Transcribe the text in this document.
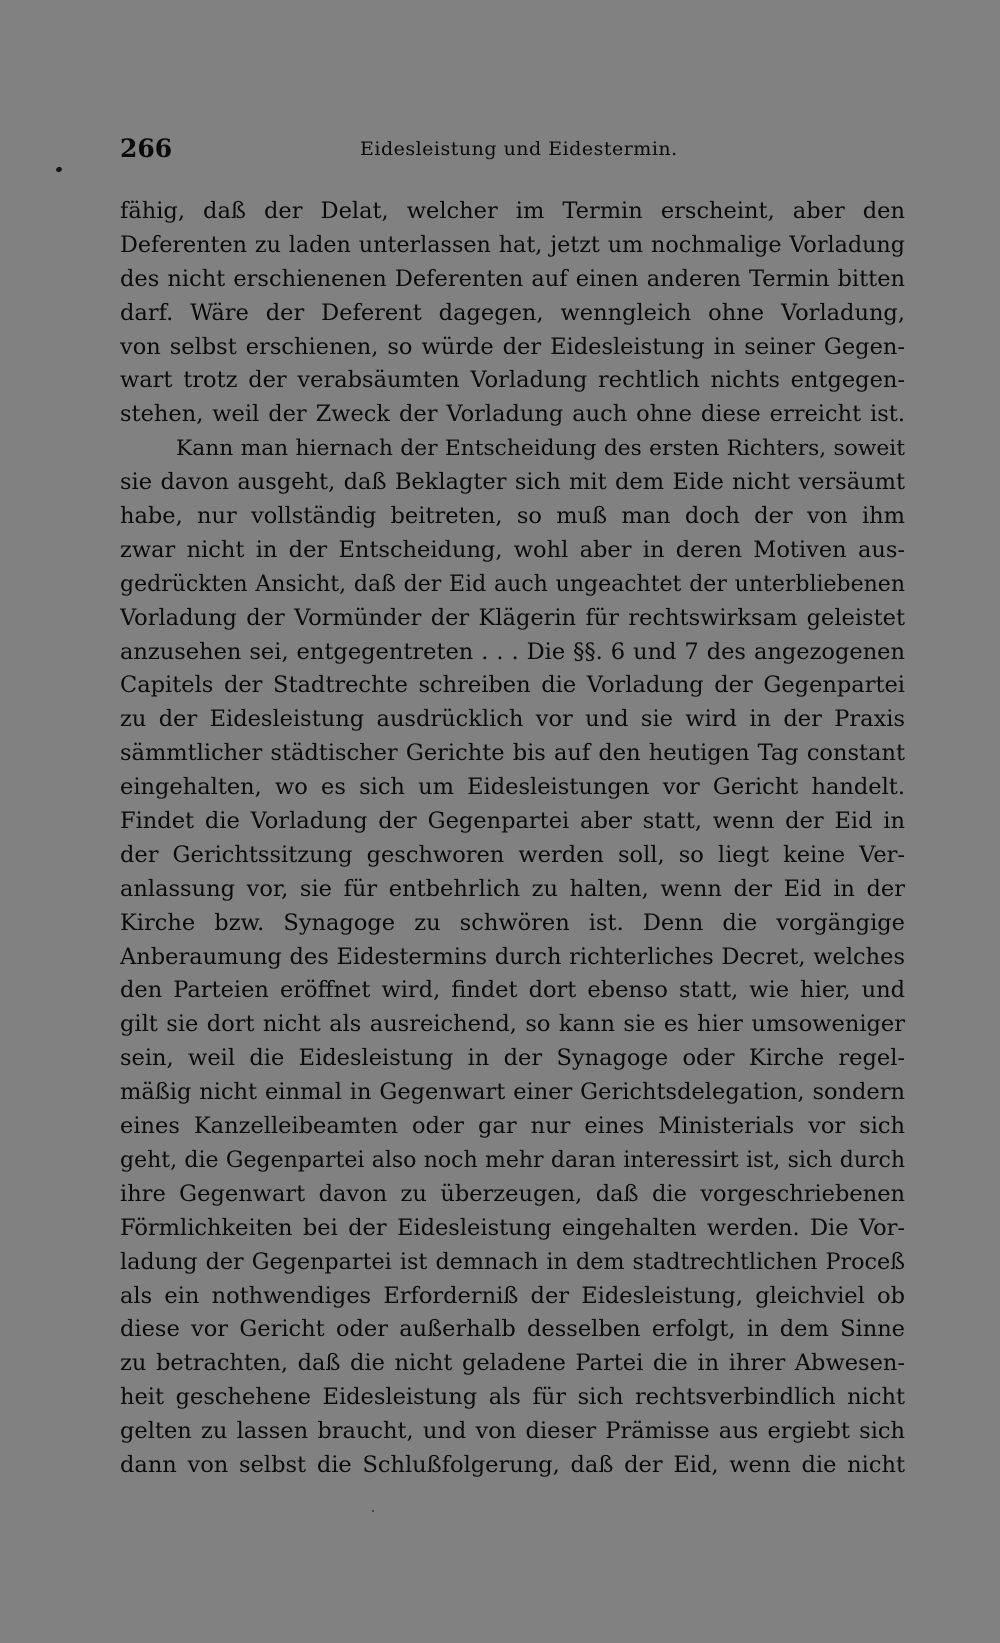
266	Eidesleistung und Eidestermin.
fähig, daß der Delat, welcher im Termin erscheint, aber den
Deferenten zu laden unterlassen hat, jetzt um nochmalige Vorladung
des nicht erschienenen Deferenten auf einen anderen Termin bitten
darf. Wäre der Deferent dagegen, wenngleich ohne Vorladung,
von selbst erschienen, so würde der Eidesleistung in seiner Gegen-
wart trotz der verabsäumten Vorladung rechtlich nichts entgegen-
stehen, weil der Zweck der Vorladung auch ohne diese erreicht ist.
Kann man hiernach der Entscheidung des ersten Richters, soweit
sie davon ausgeht, daß Beklagter sich mit dem Eide nicht versäumt
habe, nur vollständig beitreten, so muß man doch der von ihm
zwar nicht in der Entscheidung, wohl aber in deren Motiven aus-
gedrückten Ansicht, daß der Eid auch ungeachtet der unterbliebenen
Vorladung der Vormünder der Klägerin für rechtswirksam geleistet
anzusehen sei, entgegentreten . . . Die §§. 6 und 7 des angezogenen
Capitels der Stadtrechte schreiben die Vorladung der Gegenpartei
zu der Eidesleistung ausdrücklich vor und sie wird in der Praxis
sämmtlicher städtischer Gerichte bis auf den heutigen Tag constant
eingehalten, wo es sich um Eidesleistungen vor Gericht handelt.
Findet die Vorladung der Gegenpartei aber statt, wenn der Eid in
der Gerichtssitzung geschworen werden soll, so liegt keine Ver-
anlassung vor, sie für entbehrlich zu halten, wenn der Eid in der
Kirche bzw. Synagoge zu schwören ist. Denn die vorgängige
Anberaumung des Eidestermins durch richterliches Decret, welches
den Parteien eröffnet wird, findet dort ebenso statt, wie hier, und
gilt sie dort nicht als ausreichend, so kann sie es hier umsoweniger
sein, weil die Eidesleistung in der Synagoge oder Kirche regel-
mäßig nicht einmal in Gegenwart einer Gerichtsdelegation, sondern
eines Kanzelleibeamten oder gar nur eines Ministerials vor sich
geht, die Gegenpartei also noch mehr daran interessirt ist, sich durch
ihre Gegenwart davon zu überzeugen, daß die vorgeschriebenen
Förmlichkeiten bei der Eidesleistung eingehalten werden. Die Vor-
ladung der Gegenpartei ist demnach in dem stadtrechtlichen Proceß
als ein nothwendiges Erforderniß der Eidesleistung, gleichviel ob
diese vor Gericht oder außerhalb desselben erfolgt, in dem Sinne
zu betrachten, daß die nicht geladene Partei die in ihrer Abwesen-
heit geschehene Eidesleistung als für sich rechtsverbindlich nicht
gelten zu lassen braucht, und von dieser Prämisse aus ergiebt sich
dann von selbst die Schlußfolgerung, daß der Eid, wenn die nicht
